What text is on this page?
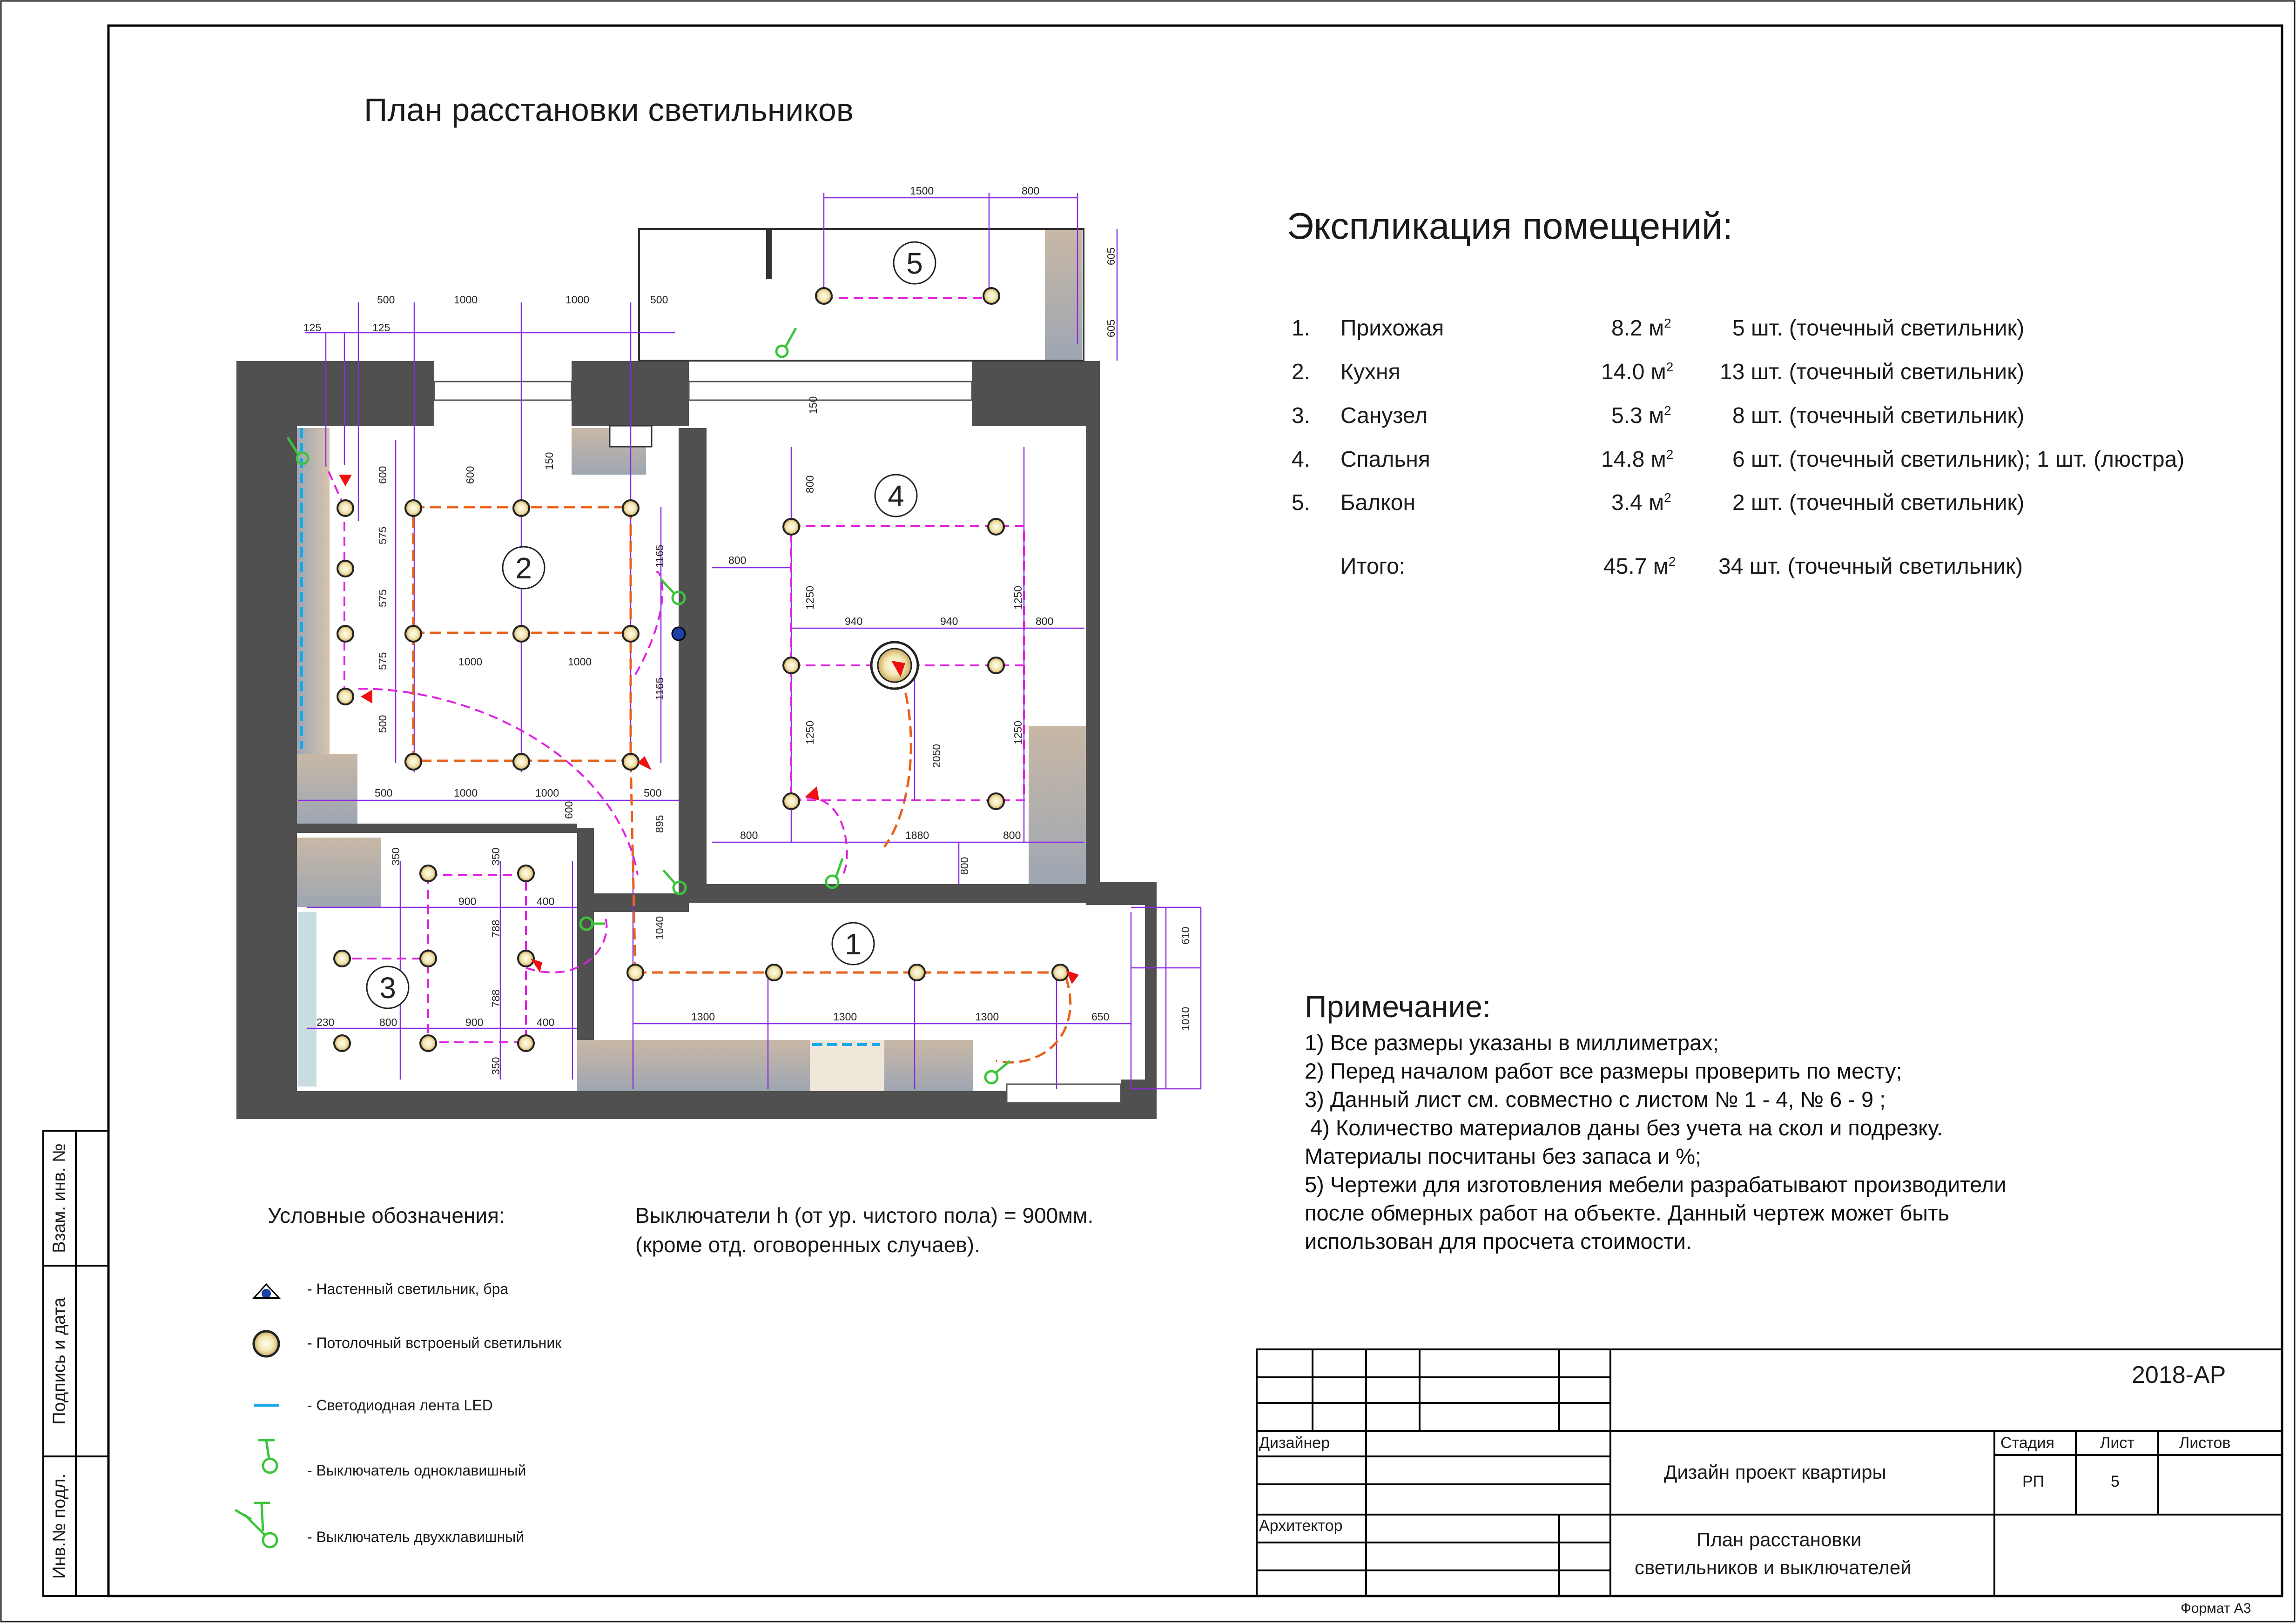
5
2
4
3
1
1500	800
125	125
500	1000	1000	500
605
605
600	600
150
150
575
575
575
500
1165
1165
1000	1000
500	1000	1000	500
600
895
800
800
1250	1250
940	940	800
1250	1250
2050
800	1880	800
800
350	350
900	400
788
788
230	800	900	400
350
1040
1300	1300	1300	650
610
1010
План расстановки светильников
Экспликация помещений:
1. Прихожая	8.2 $м^2$	5 шт. (точечный светильник)
2. Кухня	14.0 $м^2$ 13 шт. (точечный светильник)
3. Санузел	5.3 $м^2$	8 шт. (точечный светильник)
4. Спальня	14.8 $м^2$	6 шт. (точечный светильник); 1 шт. (люстра)
5. Балкон	3.4 $м^2$	2 шт. (точечный светильник)
Итого:	45.7 $м^2$ 34 шт. (точечный светильник)
Примечание:
1) Все размеры указаны в миллиметрах;
2) Перед началом работ все размеры проверить по месту;
3) Данный лист см. совместно с листом № 1 - 4, № 6 - 9 ;
4) Количество материалов даны без учета на скол и подрезку.
Материалы посчитаны без запаса и %;
5) Чертежи для изготовления мебели разрабатывают производители
после обмерных работ на объекте. Данный чертеж может быть
использован для просчета стоимости.
Условные обозначения:	Выключатели h (от ур. чистого пола) = 900мм.
(кроме отд. оговоренных случаев).
- Настенный светильник, бра
- Потолочный встроеный светильник
- Светодиодная лента LED
- Выключатель одноклавишный
- Выключатель двухклавишный
Взам. инв. №
Подпись и дата
Инв.№ подл.
2018-АР
Дизайнер
Архитектор
Дизайн проект квартиры
Стадия	Лист	Листов
РП	5
План расстановки
светильников и выключателей
Формат А3
